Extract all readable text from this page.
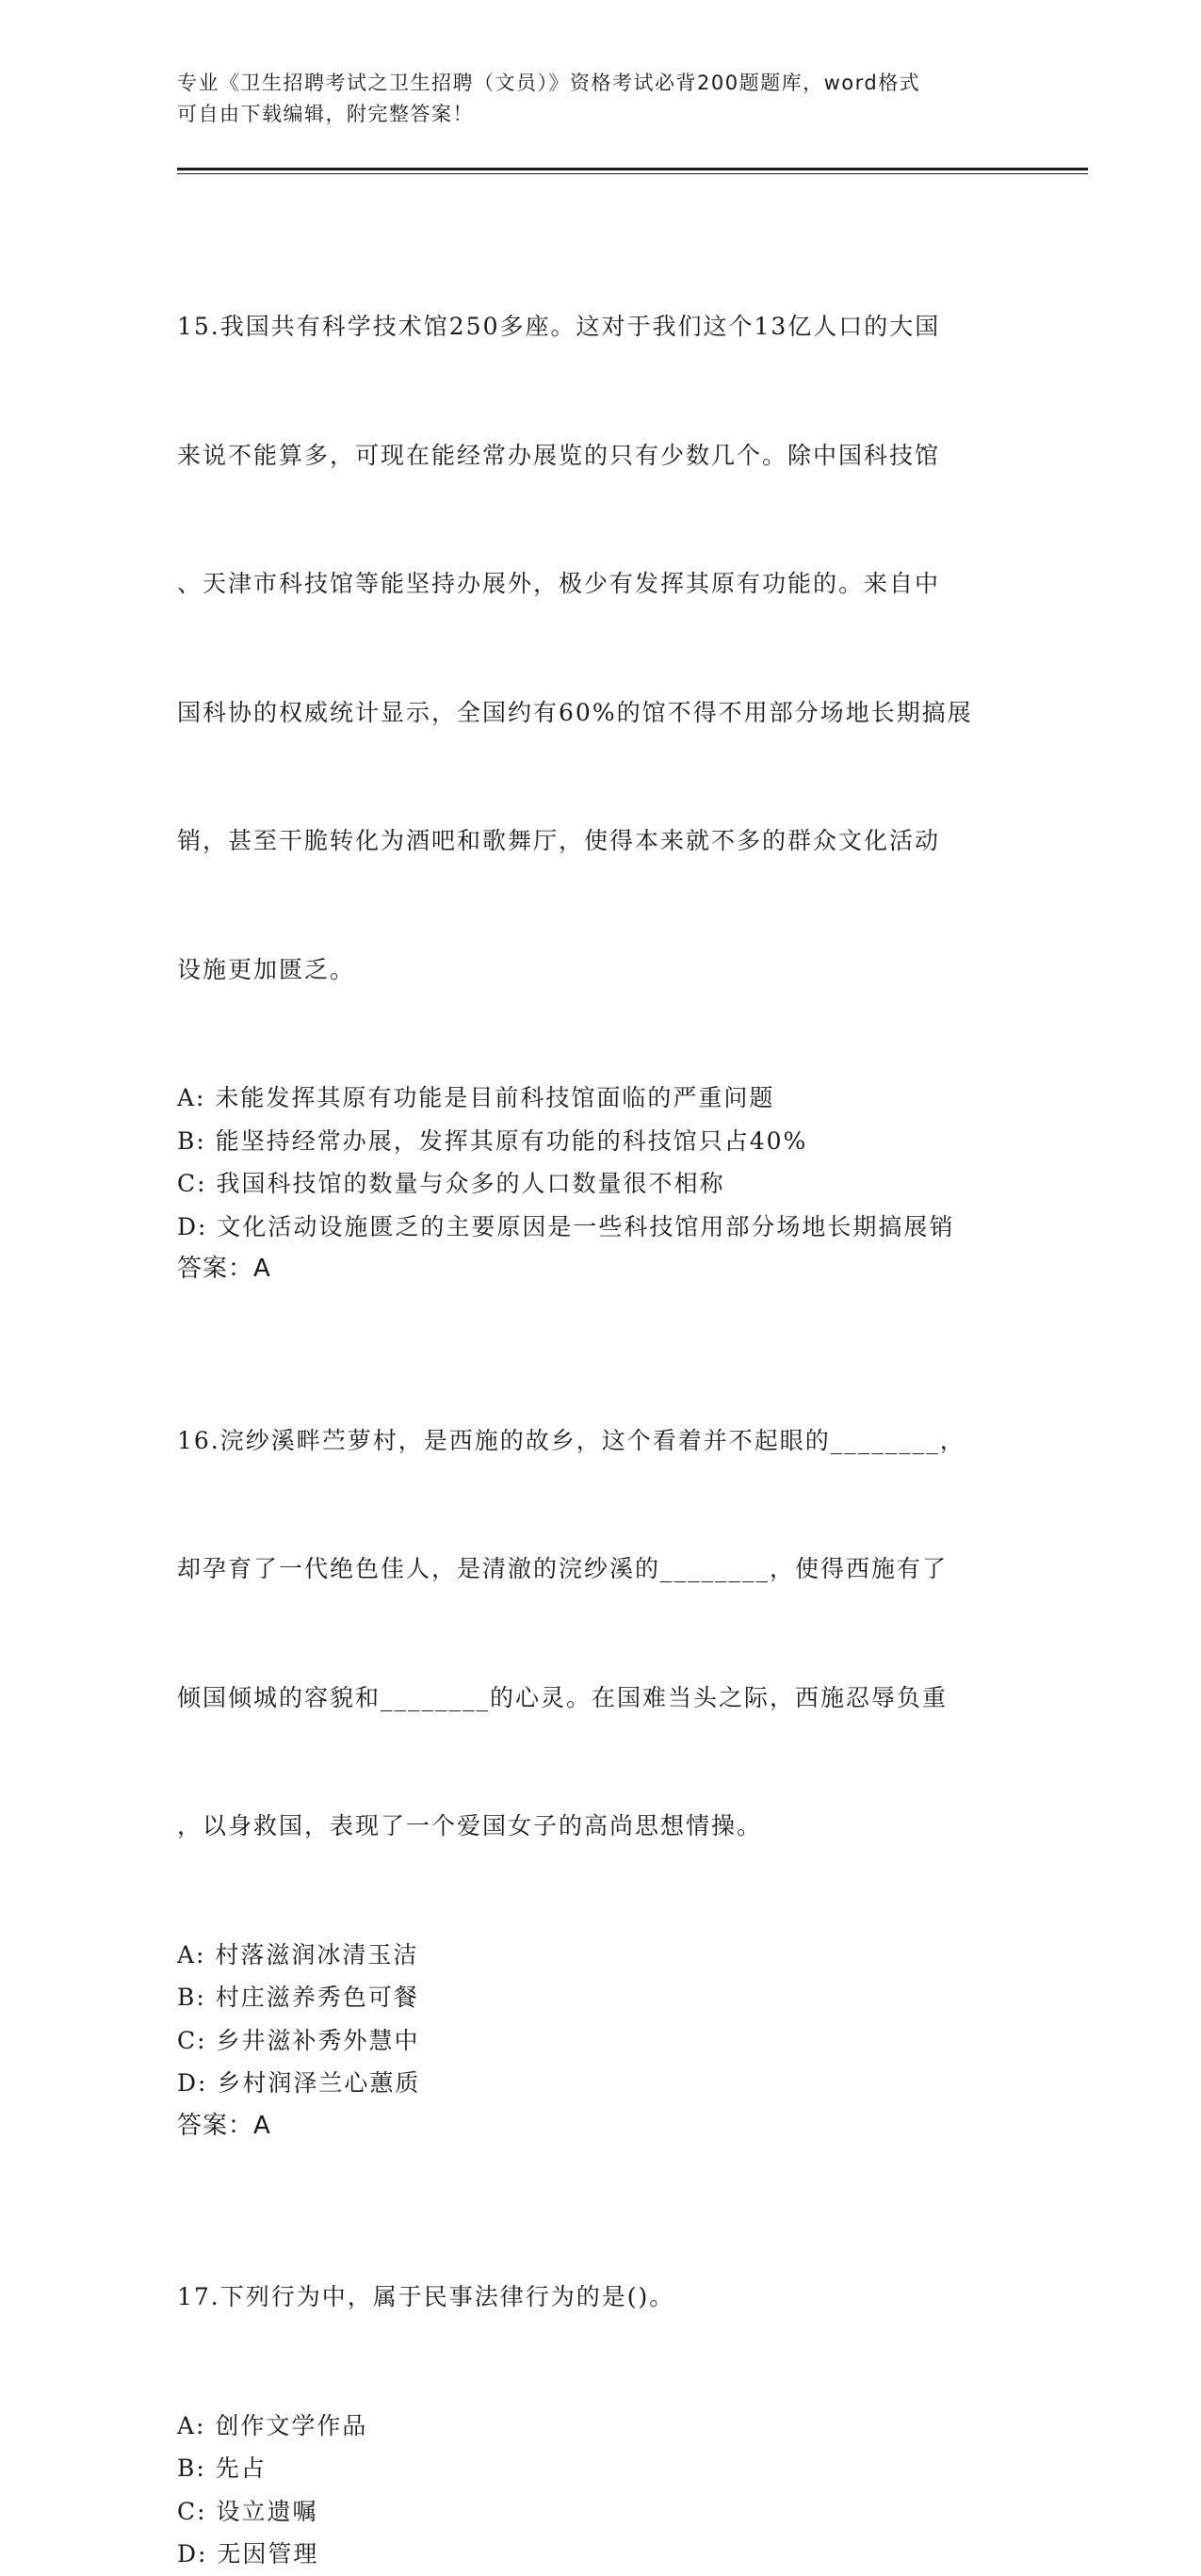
专业《卫生招聘考试之卫生招聘（文员）》资格考试必背200题题库，word格式
可自由下载编辑，附完整答案！

15.我国共有科学技术馆250多座。这对于我们这个13亿人口的大国

来说不能算多，可现在能经常办展览的只有少数几个。除中国科技馆

、天津市科技馆等能坚持办展外，极少有发挥其原有功能的。来自中

国科协的权威统计显示，全国约有60%的馆不得不用部分场地长期搞展

销，甚至干脆转化为酒吧和歌舞厅，使得本来就不多的群众文化活动

设施更加匮乏。

A: 未能发挥其原有功能是目前科技馆面临的严重问题
B: 能坚持经常办展，发挥其原有功能的科技馆只占40%
C: 我国科技馆的数量与众多的人口数量很不相称
D: 文化活动设施匮乏的主要原因是一些科技馆用部分场地长期搞展销
答案：A

16.浣纱溪畔苎萝村，是西施的故乡，这个看着并不起眼的________，

却孕育了一代绝色佳人，是清澈的浣纱溪的________，使得西施有了

倾国倾城的容貌和________的心灵。在国难当头之际，西施忍辱负重

，以身救国，表现了一个爱国女子的高尚思想情操。

A: 村落滋润冰清玉洁
B: 村庄滋养秀色可餐
C: 乡井滋补秀外慧中
D: 乡村润泽兰心蕙质
答案：A

17.下列行为中，属于民事法律行为的是()。

A: 创作文学作品
B: 先占
C: 设立遗嘱
D: 无因管理
